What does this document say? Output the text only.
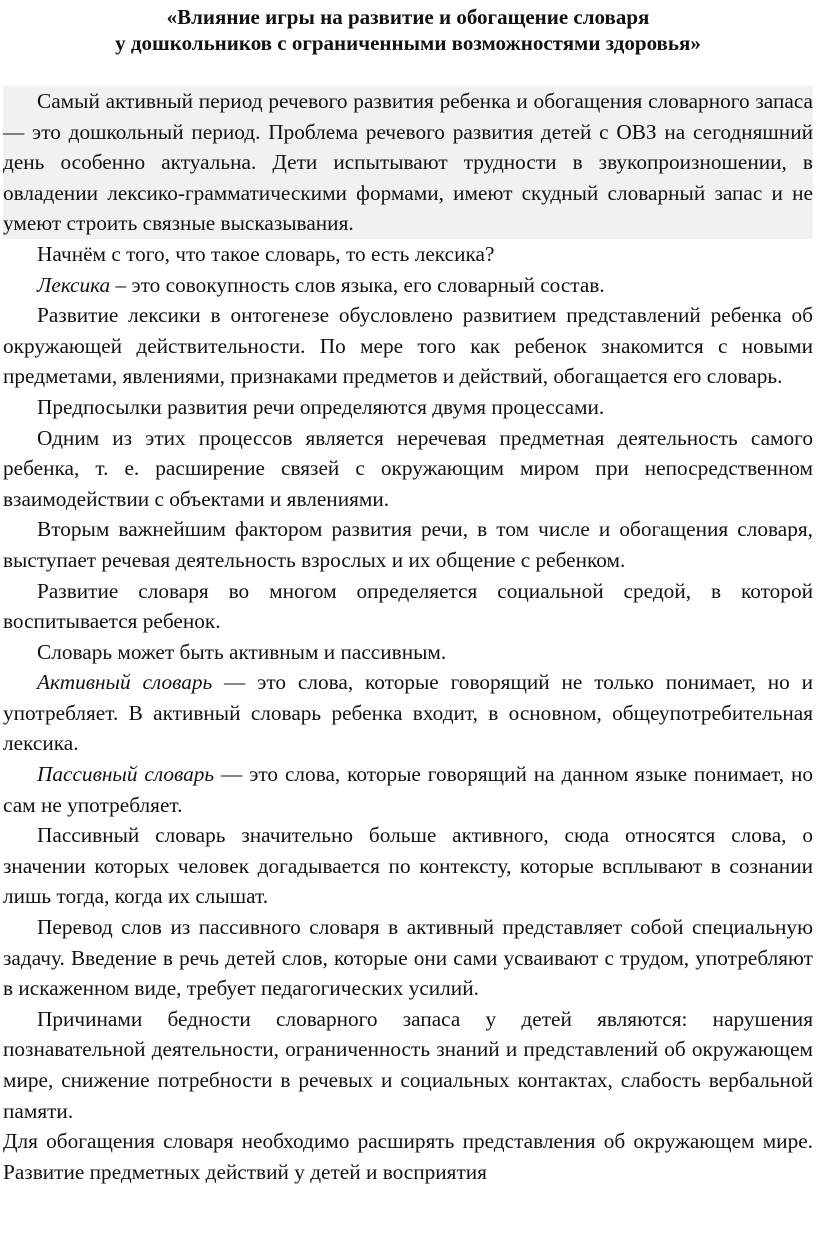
«Влияние игры на развитие и обогащение словаря
у дошкольников с ограниченными возможностями здоровья»

Самый активный период речевого развития ребенка и обогащения словарного запаса — это дошкольный период. Проблема речевого развития детей с ОВЗ на сегодняшний день особенно актуальна. Дети испытывают трудности в звукопроизношении, в овладении лексико-грамматическими формами, имеют скудный словарный запас и не умеют строить связные высказывания.

Начнём с того, что такое словарь, то есть лексика?

Лексика – это совокупность слов языка, его словарный состав.

Развитие лексики в онтогенезе обусловлено развитием представлений ребенка об окружающей действительности. По мере того как ребенок знакомится с новыми предметами, явлениями, признаками предметов и действий, обогащается его словарь.

Предпосылки развития речи определяются двумя процессами.

Одним из этих процессов является неречевая предметная деятельность самого ребенка, т. е. расширение связей с окружающим миром при непосредственном взаимодействии с объектами и явлениями.

Вторым важнейшим фактором развития речи, в том числе и обогащения словаря, выступает речевая деятельность взрослых и их общение с ребенком.

Развитие словаря во многом определяется социальной средой, в которой воспитывается ребенок.

Словарь может быть активным и пассивным.

Активный словарь — это слова, которые говорящий не только понимает, но и употребляет. В активный словарь ребенка входит, в основном, общеупотребительная лексика.

Пассивный словарь — это слова, которые говорящий на данном языке понимает, но сам не употребляет.

Пассивный словарь значительно больше активного, сюда относятся слова, о значении которых человек догадывается по контексту, которые всплывают в сознании лишь тогда, когда их слышат.

Перевод слов из пассивного словаря в активный представляет собой специальную задачу. Введение в речь детей слов, которые они сами усваивают с трудом, употребляют в искаженном виде, требует педагогических усилий.

Причинами бедности словарного запаса у детей являются: нарушения познавательной деятельности, ограниченность знаний и представлений об окружающем мире, снижение потребности в речевых и социальных контактах, слабость вербальной памяти.

Для обогащения словаря необходимо расширять представления об окружающем мире. Развитие предметных действий у детей и восприятия
